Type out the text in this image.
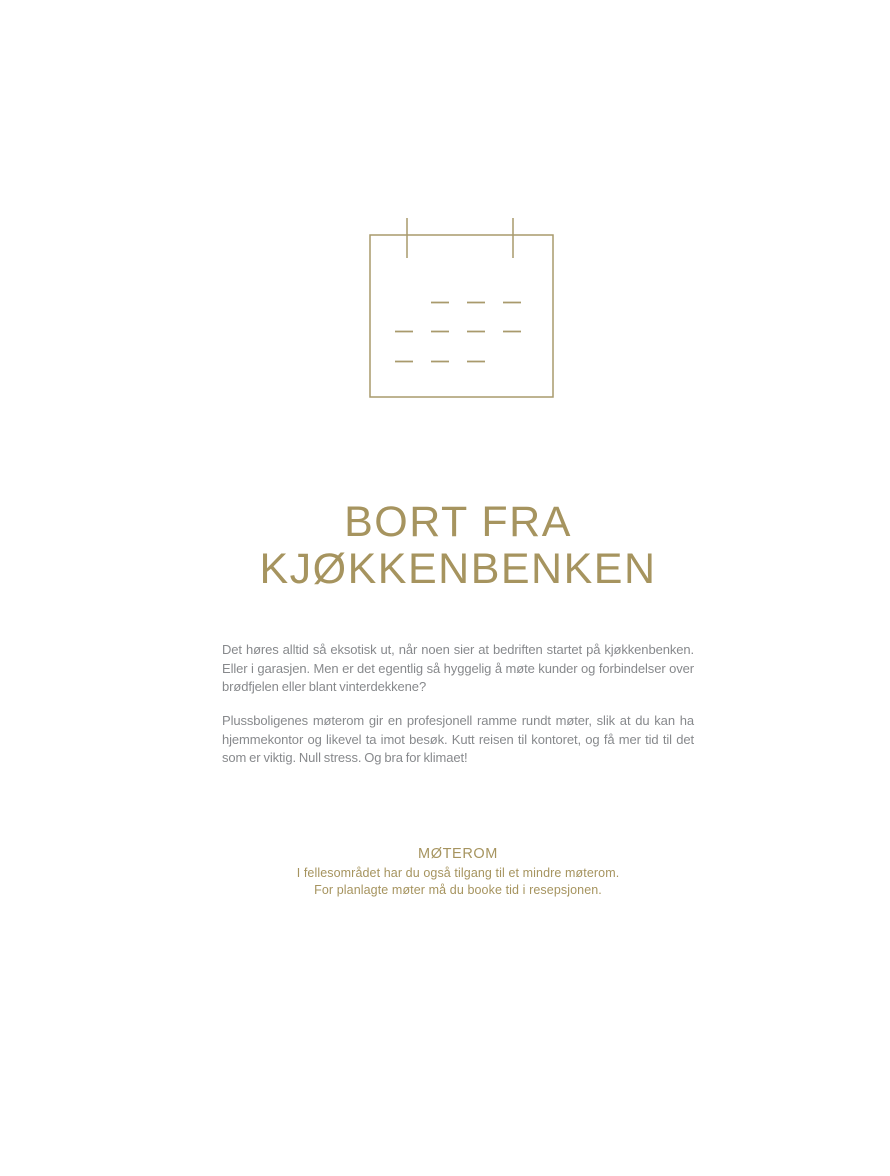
BORT FRA
KJØKKENBENKEN

Det høres alltid så eksotisk ut, når noen sier at bedriften startet på kjøkkenbenken. Eller i garasjen. Men er det egentlig så hyggelig å møte kunder og forbindelser over brødfjelen eller blant vinterdekkene?

Plussboligenes møterom gir en profesjonell ramme rundt møter, slik at du kan ha hjemmekontor og likevel ta imot besøk. Kutt reisen til kontoret, og få mer tid til det som er viktig. Null stress. Og bra for klimaet!

MØTEROM
I fellesområdet har du også tilgang til et mindre møterom.
For planlagte møter må du booke tid i resepsjonen.
